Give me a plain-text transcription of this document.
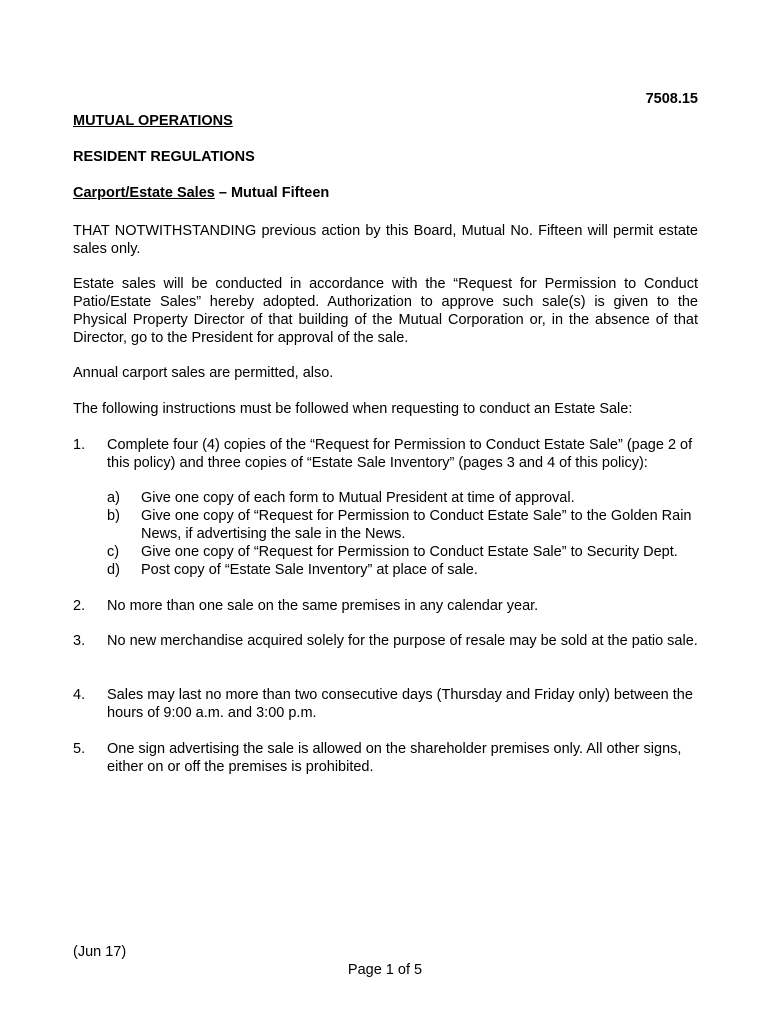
7508.15
MUTUAL OPERATIONS
RESIDENT REGULATIONS
Carport/Estate Sales – Mutual Fifteen
THAT NOTWITHSTANDING previous action by this Board, Mutual No. Fifteen will permit estate sales only.
Estate sales will be conducted in accordance with the “Request for Permission to Conduct Patio/Estate Sales” hereby adopted. Authorization to approve such sale(s) is given to the Physical Property Director of that building of the Mutual Corporation or, in the absence of that Director, go to the President for approval of the sale.
Annual carport sales are permitted, also.
The following instructions must be followed when requesting to conduct an Estate Sale:
1. Complete four (4) copies of the “Request for Permission to Conduct Estate Sale” (page 2 of this policy) and three copies of “Estate Sale Inventory” (pages 3 and 4 of this policy):
a) Give one copy of each form to Mutual President at time of approval.
b) Give one copy of “Request for Permission to Conduct Estate Sale” to the Golden Rain News, if advertising the sale in the News.
c) Give one copy of “Request for Permission to Conduct Estate Sale” to Security Dept.
d) Post copy of “Estate Sale Inventory” at place of sale.
2. No more than one sale on the same premises in any calendar year.
3. No new merchandise acquired solely for the purpose of resale may be sold at the patio sale.
4. Sales may last no more than two consecutive days (Thursday and Friday only) between the hours of 9:00 a.m. and 3:00 p.m.
5. One sign advertising the sale is allowed on the shareholder premises only. All other signs, either on or off the premises is prohibited.
(Jun 17)
Page 1 of 5
